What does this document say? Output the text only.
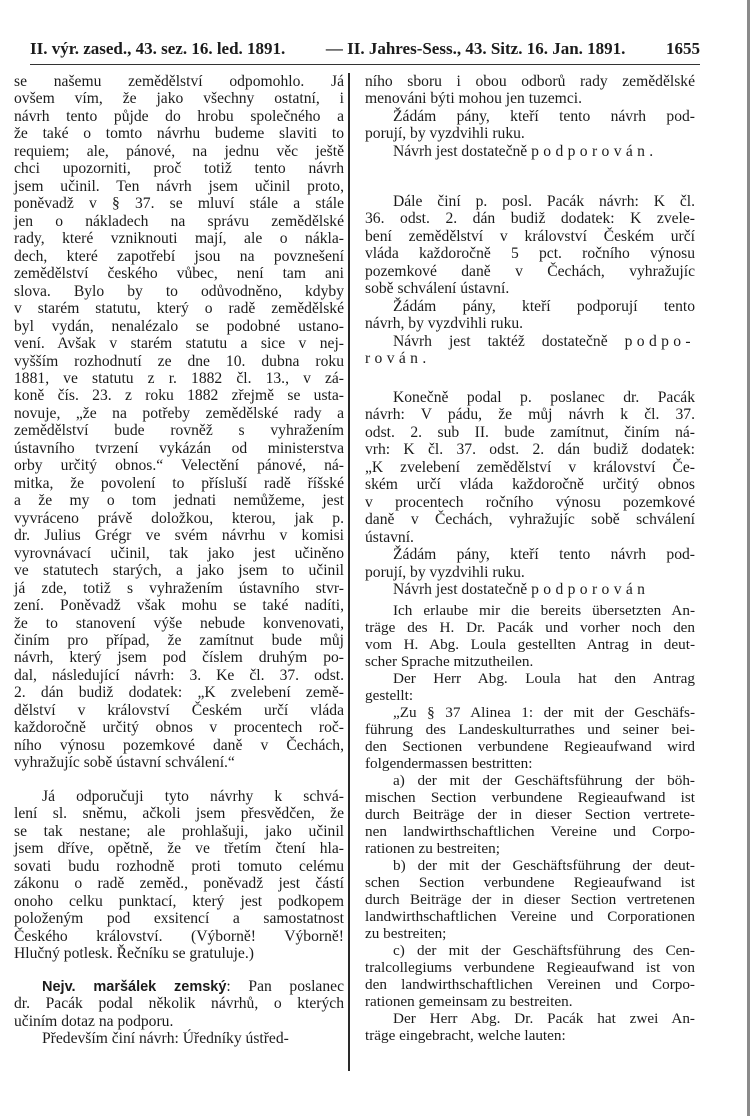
II. výr. zased., 43. sez. 16. led. 1891. — II. Jahres-Sess., 43. Sitz. 16. Jan. 1891. 1655
se našemu zemědělství odpomohlo. Já
ovšem vím, že jako všechny ostatní, i
návrh tento půjde do hrobu společného a
že také o tomto návrhu budeme slaviti to
requiem; ale, pánové, na jednu věc ještě
chci upozorniti, proč totiž tento návrh
jsem učinil. Ten návrh jsem učinil proto,
poněvadž v § 37. se mluví stále a stále
jen o nákladech na správu zemědělské
rady, které vzniknouti mají, ale o nákla-
dech, které zapotřebí jsou na povznešení
zemědělství českého vůbec, není tam ani
slova. Bylo by to odůvodněno, kdyby
v starém statutu, který o radě zemědělské
byl vydán, nenalézalo se podobné ustano-
vení. Avšak v starém statutu a sice v nej-
vyšším rozhodnutí ze dne 10. dubna roku
1881, ve statutu z r. 1882 čl. 13., v zá-
koně čís. 23. z roku 1882 zřejmě se usta-
novuje, „že na potřeby zemědělské rady a
zemědělství bude rovněž s vyhražením
ústavního tvrzení vykázán od ministerstva
orby určitý obnos.“ Velectění pánové, ná-
mitka, že povolení to přísluší radě říšské
a že my o tom jednati nemůžeme, jest
vyvráceno právě doložkou, kterou, jak p.
dr. Julius Grégr ve svém návrhu v komisi
vyrovnávací učinil, tak jako jest učiněno
ve statutech starých, a jako jsem to učinil
já zde, totiž s vyhražením ústavního stvr-
zení. Poněvadž však mohu se také nadíti,
že to stanovení výše nebude konvenovati,
činím pro případ, že zamítnut bude můj
návrh, který jsem pod číslem druhým po-
dal, následující návrh: 3. Ke čl. 37. odst.
2. dán budiž dodatek: „K zvelebení země-
dělství v království Českém určí vláda
každoročně určitý obnos v procentech roč-
ního výnosu pozemkové daně v Čechách,
vyhražujíc sobě ústavní schválení.“
Já odporučuji tyto návrhy k schvá-
lení sl. sněmu, ačkoli jsem přesvědčen, že
se tak nestane; ale prohlašuji, jako učinil
jsem dříve, opětně, že ve třetím čtení hla-
sovati budu rozhodně proti tomuto celému
zákonu o radě zeměd., poněvadž jest částí
onoho celku punktací, který jest podkopem
položeným pod exsitencí a samostatnost
Českého království. (Výborně! Výborně!
Hlučný potlesk. Řečníku se gratuluje.)
Nejv. maršálek zemský: Pan poslanec
dr. Pacák podal několik návrhů, o kterých
učiním dotaz na podporu.
Především činí návrh: Úředníky ústřed-
ního sboru i obou odborů rady zemědělské
menováni býti mohou jen tuzemci.
Žádám pány, kteří tento návrh pod-
porují, by vyzdvihli ruku.
Návrh jest dostatečně podporován.
Dále činí p. posl. Pacák návrh: K čl.
36. odst. 2. dán budiž dodatek: K zvele-
bení zemědělství v království Českém určí
vláda každoročně 5 pct. ročního výnosu
pozemkové daně v Čechách, vyhražujíc
sobě schválení ústavní.
Žádám pány, kteří podporují tento
návrh, by vyzdvihli ruku.
Návrh jest taktéž dostatečně podpo-
rován.
Konečně podal p. poslanec dr. Pacák
návrh: V pádu, že můj návrh k čl. 37.
odst. 2. sub II. bude zamítnut, činím ná-
vrh: K čl. 37. odst. 2. dán budiž dodatek:
„K zvelebení zemědělství v království Če-
ském určí vláda každoročně určitý obnos
v procentech ročního výnosu pozemkové
daně v Čechách, vyhražujíc sobě schválení
ústavní.
Žádám pány, kteří tento návrh pod-
porují, by vyzdvihli ruku.
Návrh jest dostatečně podporován
Ich erlaube mir die bereits übersetzten An-
träge des H. Dr. Pacák und vorher noch den
vom H. Abg. Loula gestellten Antrag in deut-
scher Sprache mitzutheilen.
Der Herr Abg. Loula hat den Antrag
gestellt:
„Zu § 37 Alinea 1: der mit der Geschäfs-
führung des Landeskulturrathes und seiner bei-
den Sectionen verbundene Regieaufwand wird
folgendermassen bestritten:
a) der mit der Geschäftsführung der böh-
mischen Section verbundene Regieaufwand ist
durch Beiträge der in dieser Section vertrete-
nen landwirthschaftlichen Vereine und Corpo-
rationen zu bestreiten;
b) der mit der Geschäftsführung der deut-
schen Section verbundene Regieaufwand ist
durch Beiträge der in dieser Section vertretenen
landwirthschaftlichen Vereine und Corporationen
zu bestreiten;
c) der mit der Geschäftsführung des Cen-
tralcollegiums verbundene Regieaufwand ist von
den landwirthschaftlichen Vereinen und Corpo-
rationen gemeinsam zu bestreiten.
Der Herr Abg. Dr. Pacák hat zwei An-
träge eingebracht, welche lauten:
